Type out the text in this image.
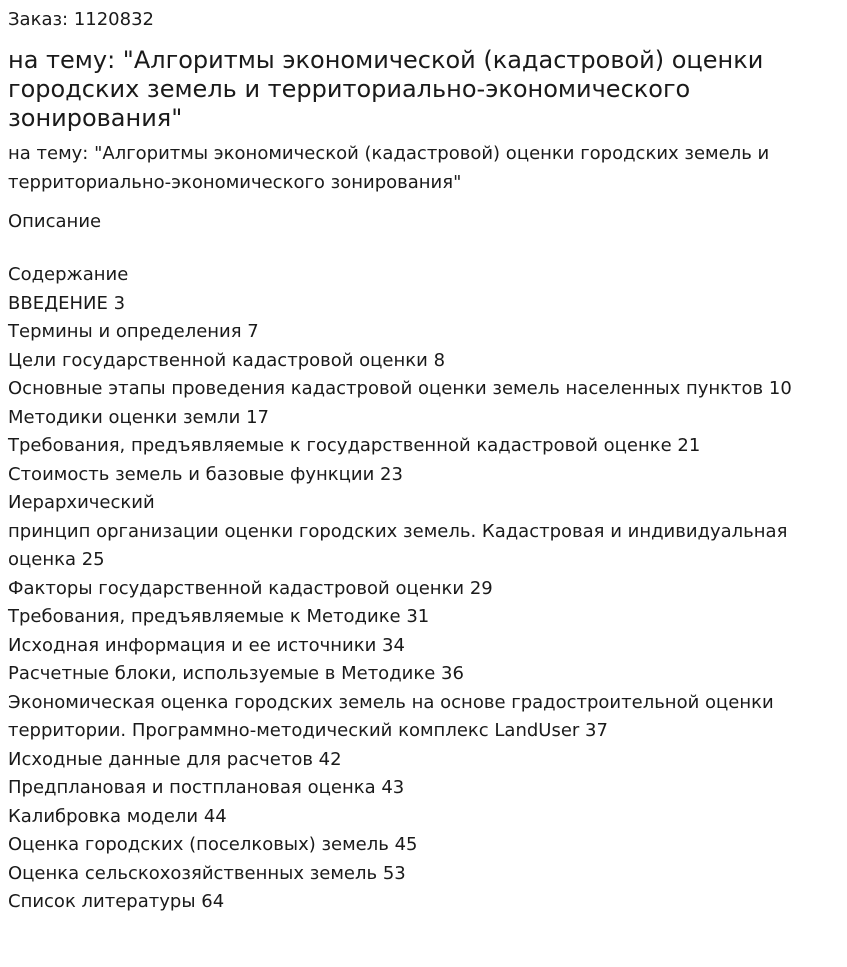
Заказ: 1120832
на тему: "Алгоритмы экономической (кадастровой) оценки городских земель и территориально-экономического зонирования"
на тему: "Алгоритмы экономической (кадастровой) оценки городских земель и территориально-экономического зонирования"
Описание
Содержание
ВВЕДЕНИЕ 3
Термины и определения 7
Цели государственной кадастровой оценки 8
Основные этапы проведения кадастровой оценки земель населенных пунктов 10
Методики оценки земли 17
Требования, предъявляемые к государственной кадастровой оценке 21
Стоимость земель и базовые функции 23
Иерархический
принцип организации оценки городских земель. Кадастровая и индивидуальная оценка 25
Факторы государственной кадастровой оценки 29
Требования, предъявляемые к Методике 31
Исходная информация и ее источники 34
Расчетные блоки, используемые в Методике 36
Экономическая оценка городских земель на основе градостроительной оценки территории. Программно-методический комплекс LandUser 37
Исходные данные для расчетов 42
Предплановая и постплановая оценка 43
Калибровка модели 44
Оценка городских (поселковых) земель 45
Оценка сельскохозяйственных земель 53
Список литературы 64
